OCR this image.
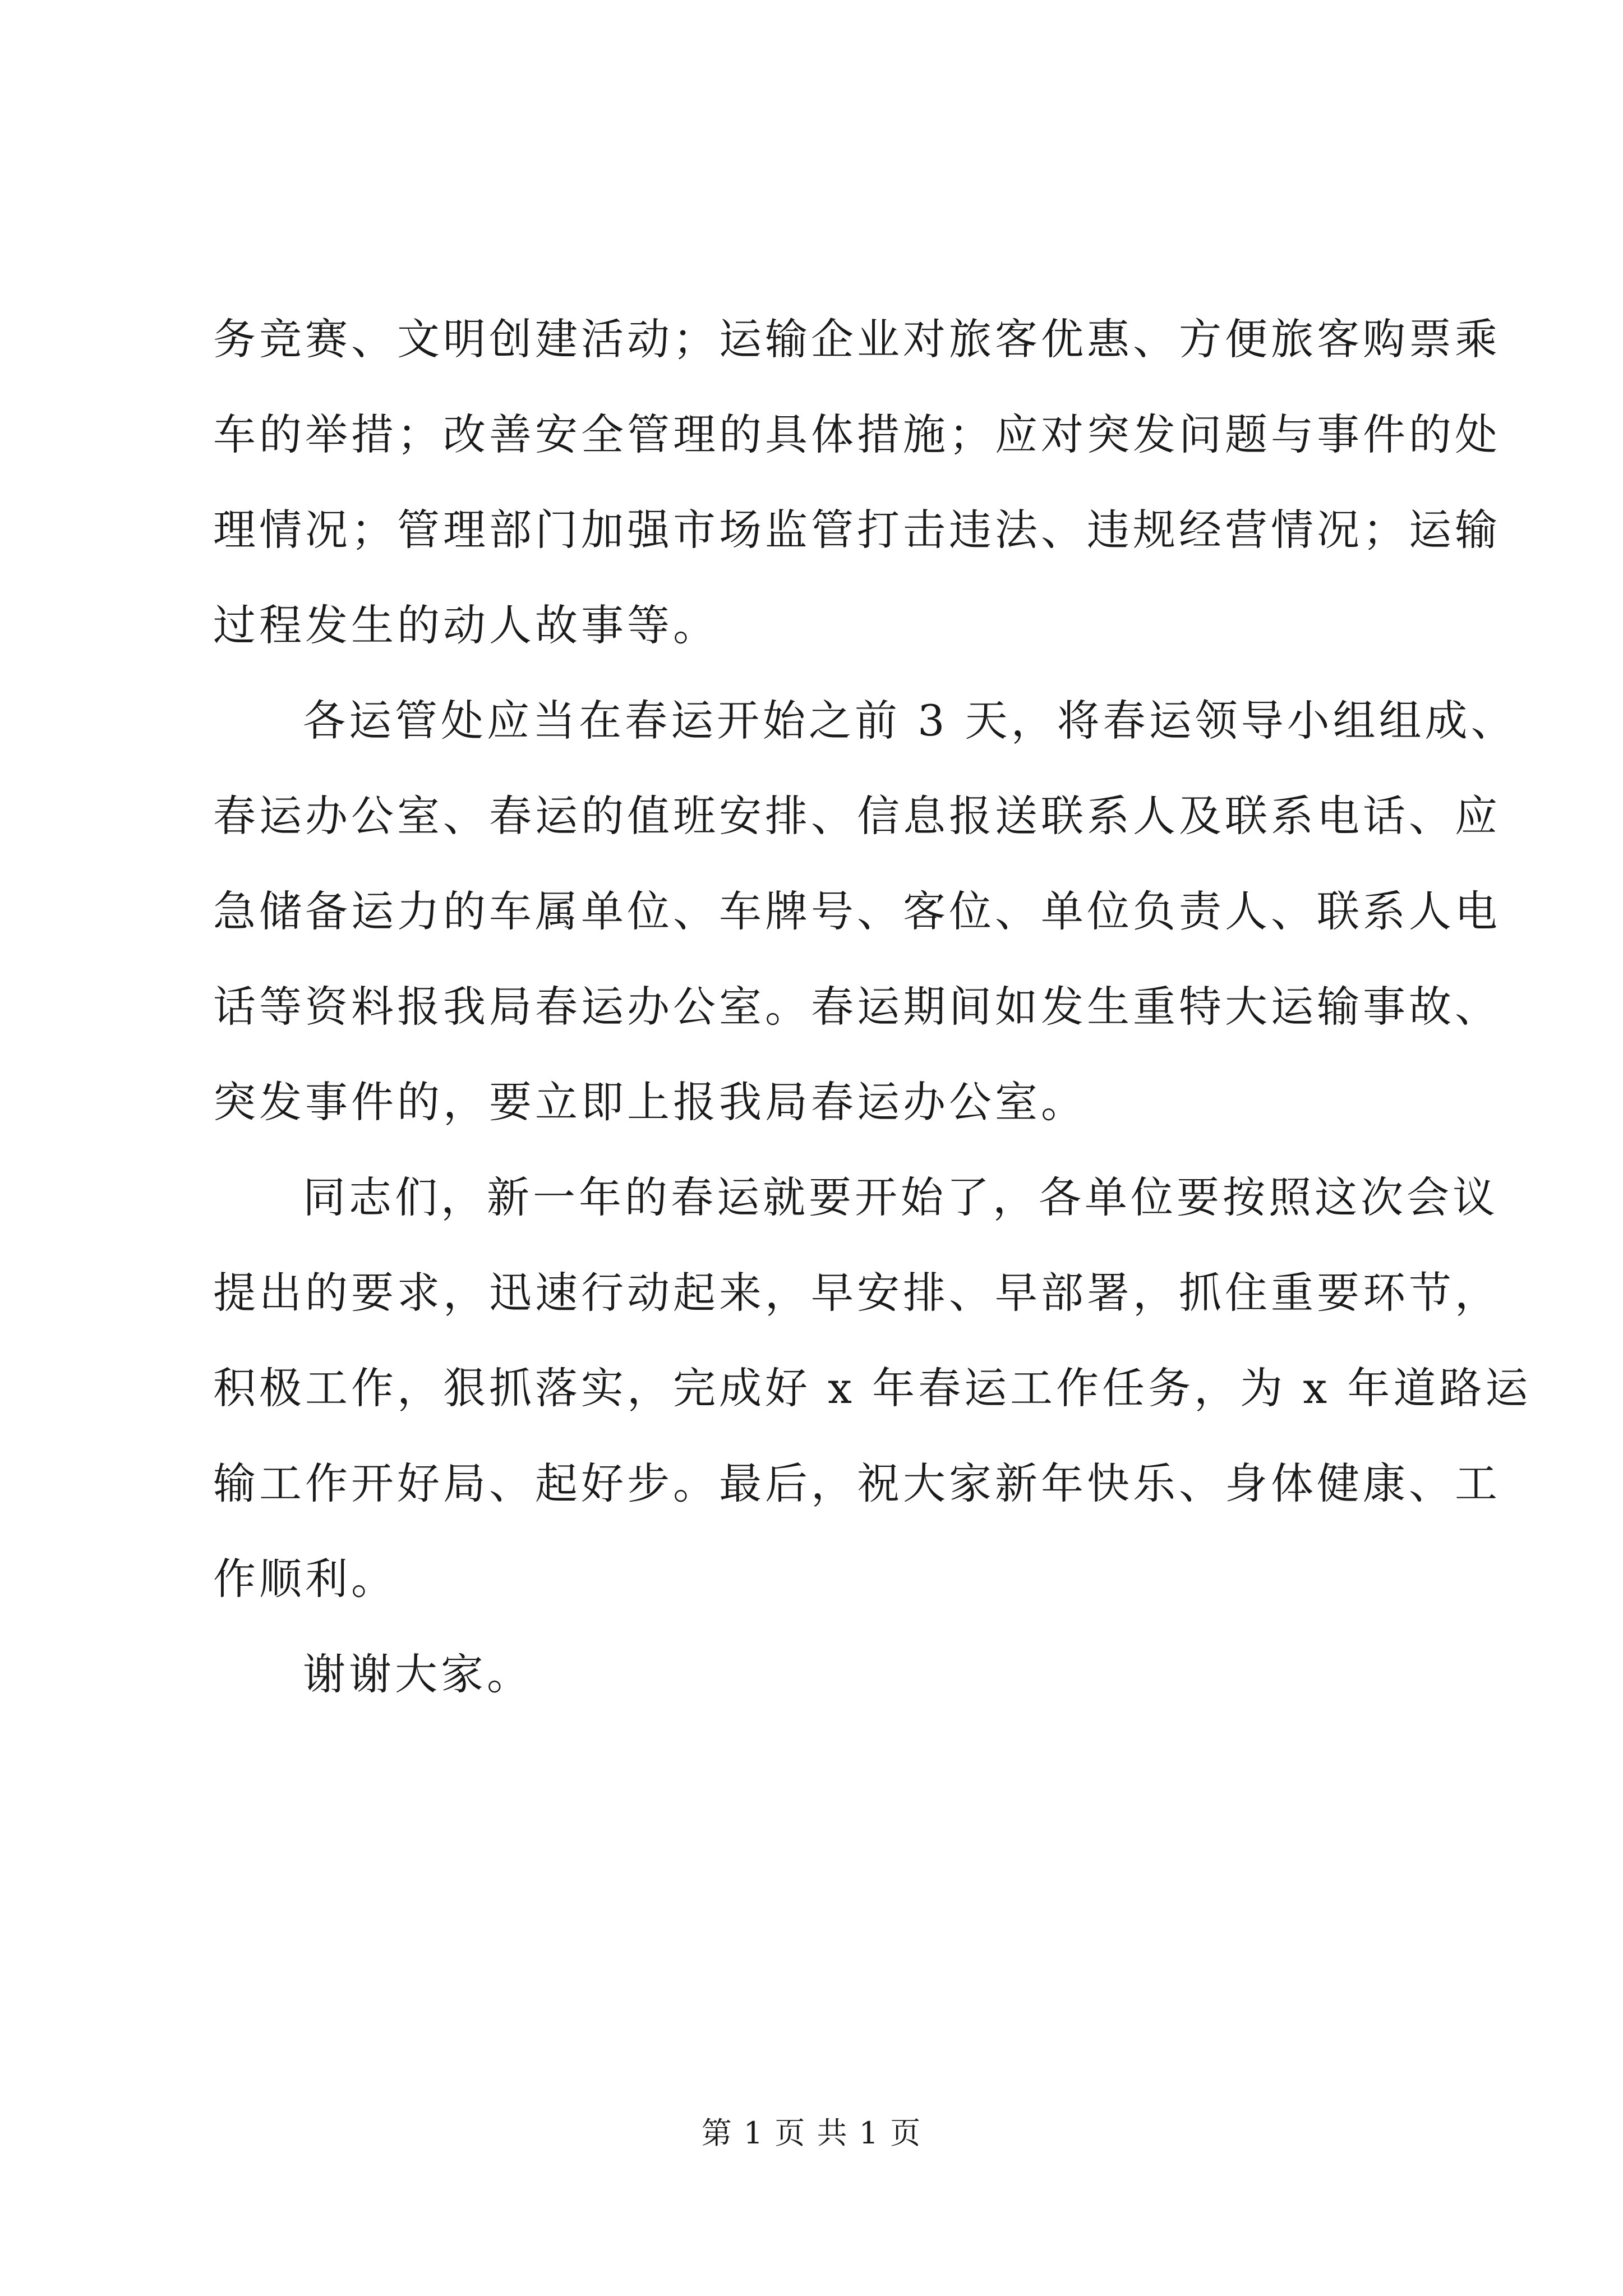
务竞赛、文明创建活动；运输企业对旅客优惠、方便旅客购票乘
车的举措；改善安全管理的具体措施；应对突发问题与事件的处
理情况；管理部门加强市场监管打击违法、违规经营情况；运输
过程发生的动人故事等。
各运管处应当在春运开始之前 3 天，将春运领导小组组成、
春运办公室、春运的值班安排、信息报送联系人及联系电话、应
急储备运力的车属单位、车牌号、客位、单位负责人、联系人电
话等资料报我局春运办公室。春运期间如发生重特大运输事故、
突发事件的，要立即上报我局春运办公室。
同志们，新一年的春运就要开始了，各单位要按照这次会议
提出的要求，迅速行动起来，早安排、早部署，抓住重要环节，
积极工作，狠抓落实，完成好 x 年春运工作任务，为 x 年道路运
输工作开好局、起好步。最后，祝大家新年快乐、身体健康、工
作顺利。
谢谢大家。
第 1 页 共 1 页
